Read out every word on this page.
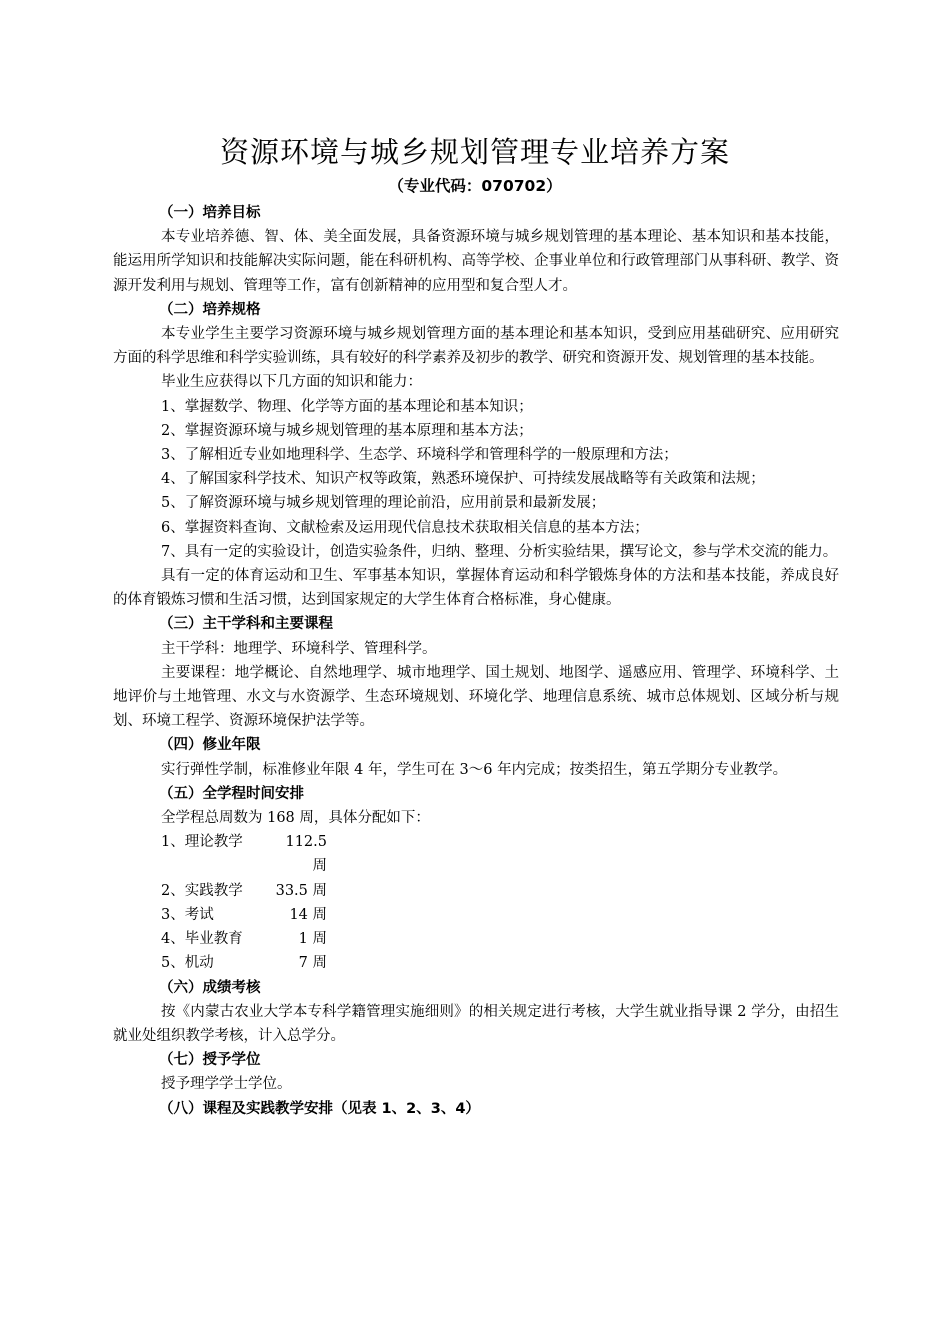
资源环境与城乡规划管理专业培养方案
（专业代码：070702）

（一）培养目标

本专业培养德、智、体、美全面发展，具备资源环境与城乡规划管理的基本理论、基本知识和基本技能，能运用所学知识和技能解决实际问题，能在科研机构、高等学校、企事业单位和行政管理部门从事科研、教学、资源开发利用与规划、管理等工作，富有创新精神的应用型和复合型人才。

（二）培养规格

本专业学生主要学习资源环境与城乡规划管理方面的基本理论和基本知识，受到应用基础研究、应用研究方面的科学思维和科学实验训练，具有较好的科学素养及初步的教学、研究和资源开发、规划管理的基本技能。

毕业生应获得以下几方面的知识和能力：

1、掌握数学、物理、化学等方面的基本理论和基本知识；

2、掌握资源环境与城乡规划管理的基本原理和基本方法；

3、了解相近专业如地理科学、生态学、环境科学和管理科学的一般原理和方法；

4、了解国家科学技术、知识产权等政策，熟悉环境保护、可持续发展战略等有关政策和法规；

5、了解资源环境与城乡规划管理的理论前沿，应用前景和最新发展；

6、掌握资料查询、文献检索及运用现代信息技术获取相关信息的基本方法；

7、具有一定的实验设计，创造实验条件，归纳、整理、分析实验结果，撰写论文，参与学术交流的能力。

具有一定的体育运动和卫生、军事基本知识，掌握体育运动和科学锻炼身体的方法和基本技能，养成良好的体育锻炼习惯和生活习惯，达到国家规定的大学生体育合格标准，身心健康。

（三）主干学科和主要课程

主干学科：地理学、环境科学、管理科学。

主要课程：地学概论、自然地理学、城市地理学、国土规划、地图学、遥感应用、管理学、环境科学、土地评价与土地管理、水文与水资源学、生态环境规划、环境化学、地理信息系统、城市总体规划、区域分析与规划、环境工程学、资源环境保护法学等。

（四）修业年限

实行弹性学制，标准修业年限 4 年，学生可在 3～6 年内完成；按类招生，第五学期分专业教学。

（五）全学程时间安排

全学程总周数为 168 周，具体分配如下：

1、理论教学	112.5 周
2、实践教学	33.5 周
3、考试	14 周
4、毕业教育	1 周
5、机动	7 周

（六）成绩考核

按《内蒙古农业大学本专科学籍管理实施细则》的相关规定进行考核，大学生就业指导课 2 学分，由招生就业处组织教学考核，计入总学分。

（七）授予学位

授予理学学士学位。

（八）课程及实践教学安排（见表 1、2、3、4）
